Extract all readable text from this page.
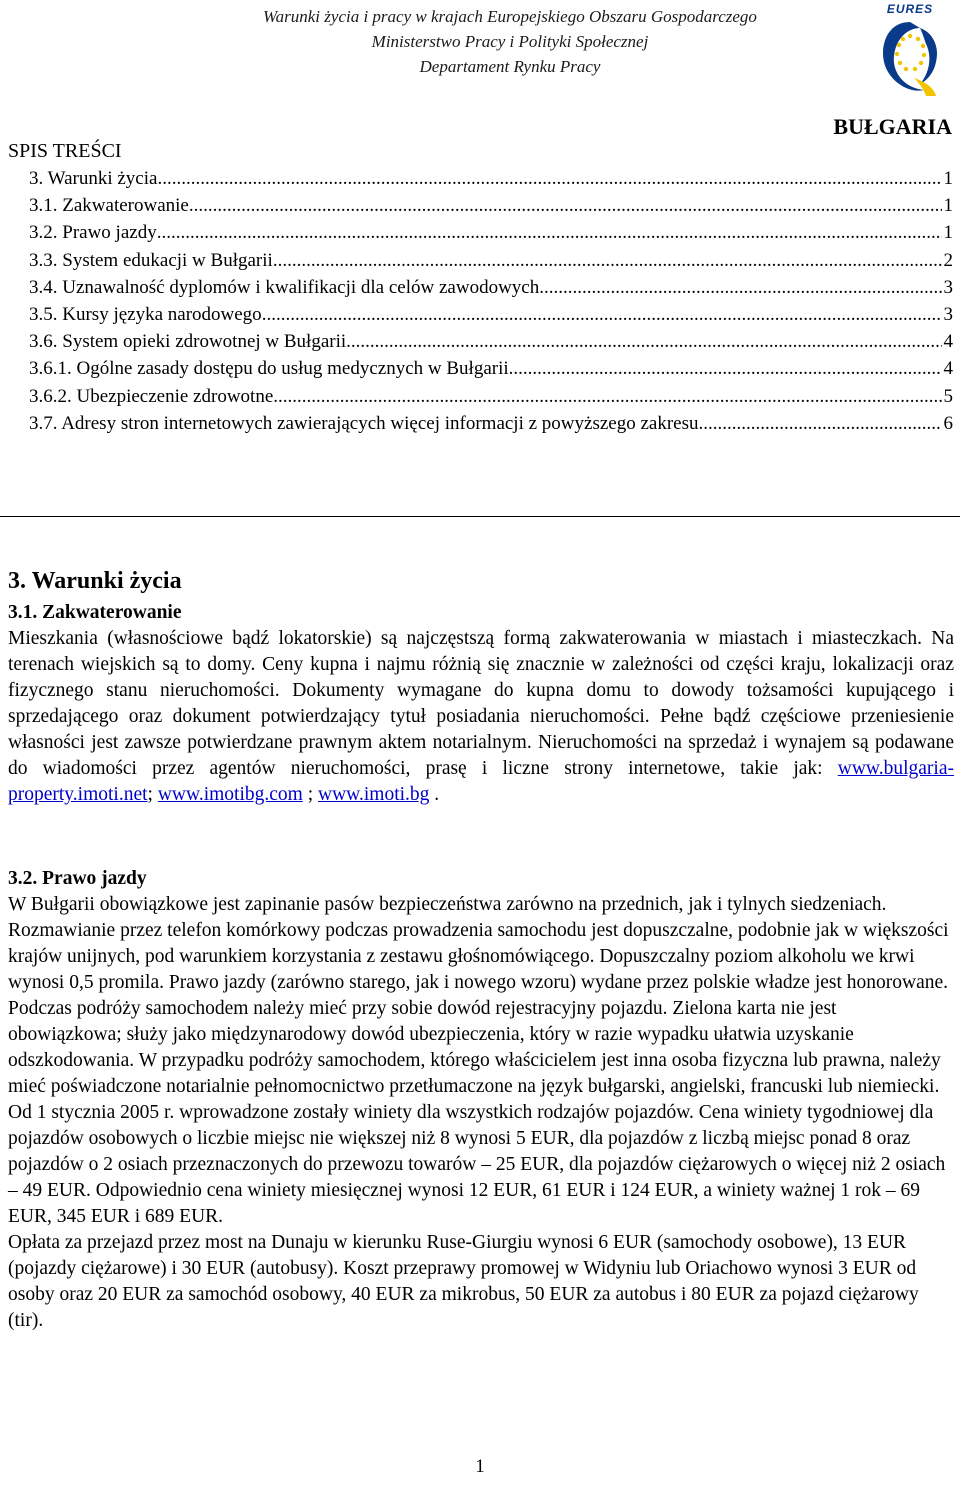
Warunki życia i pracy w krajach Europejskiego Obszaru Gospodarczego
Ministerstwo Pracy i Polityki Społecznej
Departament Rynku Pracy
EURES
BUŁGARIA
SPIS TREŚCI
3. Warunki życia .....	1
3.1. Zakwaterowanie .....	1
3.2. Prawo jazdy .....	1
3.3. System edukacji w Bułgarii .....	2
3.4. Uznawalność dyplomów i kwalifikacji dla celów zawodowych .....	3
3.5. Kursy języka narodowego .....	3
3.6. System opieki zdrowotnej w Bułgarii .....	4
3.6.1. Ogólne zasady dostępu do usług medycznych w Bułgarii .....	4
3.6.2. Ubezpieczenie zdrowotne .....	5
3.7. Adresy stron internetowych zawierających więcej informacji z powyższego zakresu .....	6
3. Warunki życia
3.1. Zakwaterowanie
Mieszkania (własnościowe bądź lokatorskie) są najczęstszą formą zakwaterowania w miastach i miasteczkach. Na terenach wiejskich są to domy. Ceny kupna i najmu różnią się znacznie w zależności od części kraju, lokalizacji oraz fizycznego stanu nieruchomości. Dokumenty wymagane do kupna domu to dowody tożsamości kupującego i sprzedającego oraz dokument potwierdzający tytuł posiadania nieruchomości. Pełne bądź częściowe przeniesienie własności jest zawsze potwierdzane prawnym aktem notarialnym. Nieruchomości na sprzedaż i wynajem są podawane do wiadomości przez agentów nieruchomości, prasę i liczne strony internetowe, takie jak: www.bulgaria-property.imoti.net; www.imotibg.com ; www.imoti.bg .
3.2. Prawo jazdy
W Bułgarii obowiązkowe jest zapinanie pasów bezpieczeństwa zarówno na przednich, jak i tylnych siedzeniach. Rozmawianie przez telefon komórkowy podczas prowadzenia samochodu jest dopuszczalne, podobnie jak w większości krajów unijnych, pod warunkiem korzystania z zestawu głośnomówiącego. Dopuszczalny poziom alkoholu we krwi wynosi 0,5 promila. Prawo jazdy (zarówno starego, jak i nowego wzoru) wydane przez polskie władze jest honorowane. Podczas podróży samochodem należy mieć przy sobie dowód rejestracyjny pojazdu. Zielona karta nie jest obowiązkowa; służy jako międzynarodowy dowód ubezpieczenia, który w razie wypadku ułatwia uzyskanie odszkodowania. W przypadku podróży samochodem, którego właścicielem jest inna osoba fizyczna lub prawna, należy mieć poświadczone notarialnie pełnomocnictwo przetłumaczone na język bułgarski, angielski, francuski lub niemiecki.
Od 1 stycznia 2005 r. wprowadzone zostały winiety dla wszystkich rodzajów pojazdów. Cena winiety tygodniowej dla pojazdów osobowych o liczbie miejsc nie większej niż 8 wynosi 5 EUR, dla pojazdów z liczbą miejsc ponad 8 oraz pojazdów o 2 osiach przeznaczonych do przewozu towarów – 25 EUR, dla pojazdów ciężarowych o więcej niż 2 osiach – 49 EUR. Odpowiednio cena winiety miesięcznej wynosi 12 EUR, 61 EUR i 124 EUR, a winiety ważnej 1 rok – 69 EUR, 345 EUR i 689 EUR.
Opłata za przejazd przez most na Dunaju w kierunku Ruse-Giurgiu wynosi 6 EUR (samochody osobowe), 13 EUR (pojazdy ciężarowe) i 30 EUR (autobusy). Koszt przeprawy promowej w Widyniu lub Oriachowo wynosi 3 EUR od osoby oraz 20 EUR za samochód osobowy, 40 EUR za mikrobus, 50 EUR za autobus i 80 EUR za pojazd ciężarowy (tir).
1
